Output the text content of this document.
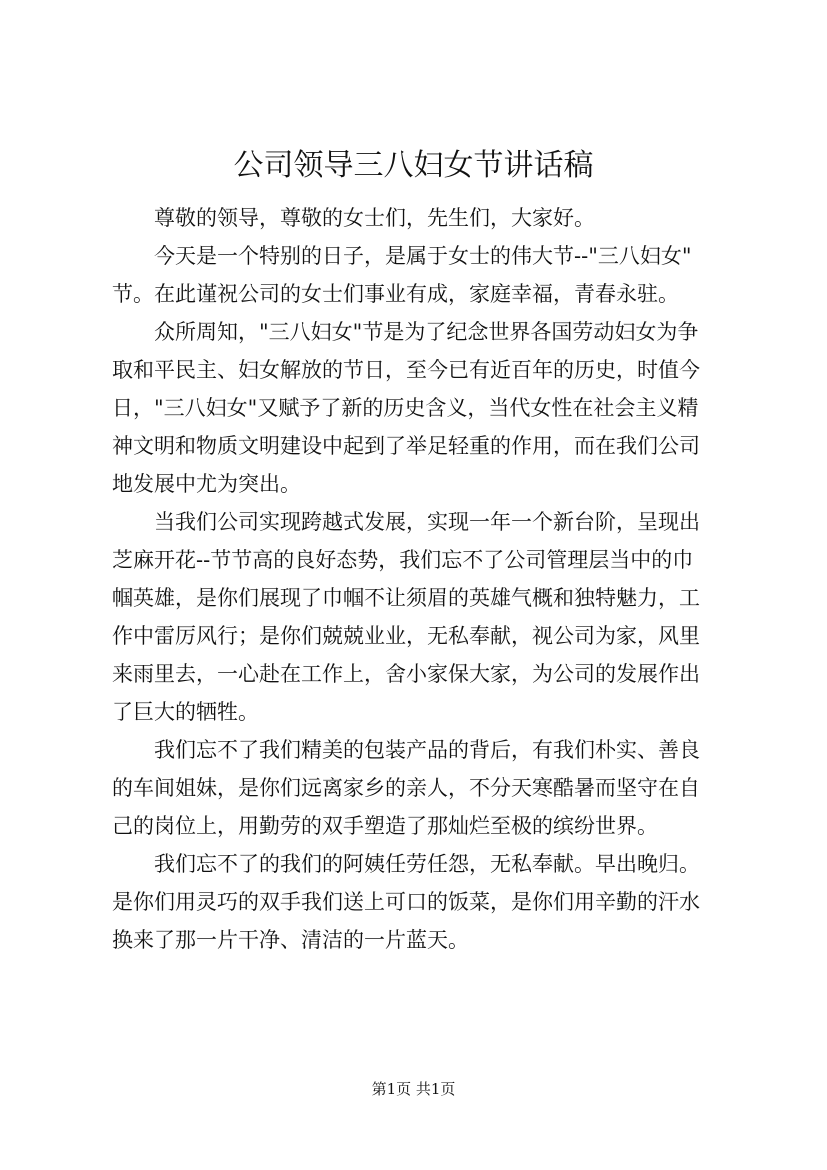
公司领导三八妇女节讲话稿

尊敬的领导，尊敬的女士们，先生们，大家好。

今天是一个特别的日子，是属于女士的伟大节--"三八妇女"
节。在此谨祝公司的女士们事业有成，家庭幸福，青春永驻。

众所周知，"三八妇女"节是为了纪念世界各国劳动妇女为争
取和平民主、妇女解放的节日，至今已有近百年的历史，时值今
日，"三八妇女"又赋予了新的历史含义，当代女性在社会主义精
神文明和物质文明建设中起到了举足轻重的作用，而在我们公司
地发展中尤为突出。

当我们公司实现跨越式发展，实现一年一个新台阶，呈现出
芝麻开花--节节高的良好态势，我们忘不了公司管理层当中的巾
帼英雄，是你们展现了巾帼不让须眉的英雄气概和独特魅力，工
作中雷厉风行；是你们兢兢业业，无私奉献，视公司为家，风里
来雨里去，一心赴在工作上，舍小家保大家，为公司的发展作出
了巨大的牺牲。

我们忘不了我们精美的包装产品的背后，有我们朴实、善良
的车间姐妹，是你们远离家乡的亲人，不分天寒酷暑而坚守在自
己的岗位上，用勤劳的双手塑造了那灿烂至极的缤纷世界。

我们忘不了的我们的阿姨任劳任怨，无私奉献。早出晚归。
是你们用灵巧的双手我们送上可口的饭菜，是你们用辛勤的汗水
换来了那一片干净、清洁的一片蓝天。

第1页 共1页
